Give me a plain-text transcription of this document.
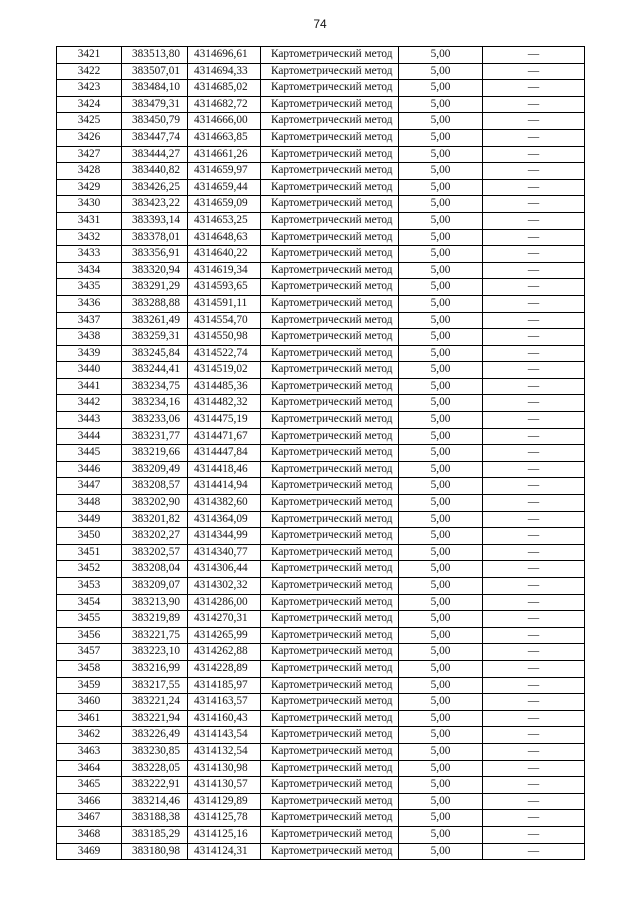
74
3421	383513,80	4314696,61	Картометрический метод	5,00	—
3422	383507,01	4314694,33	Картометрический метод	5,00	—
3423	383484,10	4314685,02	Картометрический метод	5,00	—
3424	383479,31	4314682,72	Картометрический метод	5,00	—
3425	383450,79	4314666,00	Картометрический метод	5,00	—
3426	383447,74	4314663,85	Картометрический метод	5,00	—
3427	383444,27	4314661,26	Картометрический метод	5,00	—
3428	383440,82	4314659,97	Картометрический метод	5,00	—
3429	383426,25	4314659,44	Картометрический метод	5,00	—
3430	383423,22	4314659,09	Картометрический метод	5,00	—
3431	383393,14	4314653,25	Картометрический метод	5,00	—
3432	383378,01	4314648,63	Картометрический метод	5,00	—
3433	383356,91	4314640,22	Картометрический метод	5,00	—
3434	383320,94	4314619,34	Картометрический метод	5,00	—
3435	383291,29	4314593,65	Картометрический метод	5,00	—
3436	383288,88	4314591,11	Картометрический метод	5,00	—
3437	383261,49	4314554,70	Картометрический метод	5,00	—
3438	383259,31	4314550,98	Картометрический метод	5,00	—
3439	383245,84	4314522,74	Картометрический метод	5,00	—
3440	383244,41	4314519,02	Картометрический метод	5,00	—
3441	383234,75	4314485,36	Картометрический метод	5,00	—
3442	383234,16	4314482,32	Картометрический метод	5,00	—
3443	383233,06	4314475,19	Картометрический метод	5,00	—
3444	383231,77	4314471,67	Картометрический метод	5,00	—
3445	383219,66	4314447,84	Картометрический метод	5,00	—
3446	383209,49	4314418,46	Картометрический метод	5,00	—
3447	383208,57	4314414,94	Картометрический метод	5,00	—
3448	383202,90	4314382,60	Картометрический метод	5,00	—
3449	383201,82	4314364,09	Картометрический метод	5,00	—
3450	383202,27	4314344,99	Картометрический метод	5,00	—
3451	383202,57	4314340,77	Картометрический метод	5,00	—
3452	383208,04	4314306,44	Картометрический метод	5,00	—
3453	383209,07	4314302,32	Картометрический метод	5,00	—
3454	383213,90	4314286,00	Картометрический метод	5,00	—
3455	383219,89	4314270,31	Картометрический метод	5,00	—
3456	383221,75	4314265,99	Картометрический метод	5,00	—
3457	383223,10	4314262,88	Картометрический метод	5,00	—
3458	383216,99	4314228,89	Картометрический метод	5,00	—
3459	383217,55	4314185,97	Картометрический метод	5,00	—
3460	383221,24	4314163,57	Картометрический метод	5,00	—
3461	383221,94	4314160,43	Картометрический метод	5,00	—
3462	383226,49	4314143,54	Картометрический метод	5,00	—
3463	383230,85	4314132,54	Картометрический метод	5,00	—
3464	383228,05	4314130,98	Картометрический метод	5,00	—
3465	383222,91	4314130,57	Картометрический метод	5,00	—
3466	383214,46	4314129,89	Картометрический метод	5,00	—
3467	383188,38	4314125,78	Картометрический метод	5,00	—
3468	383185,29	4314125,16	Картометрический метод	5,00	—
3469	383180,98	4314124,31	Картометрический метод	5,00	—
